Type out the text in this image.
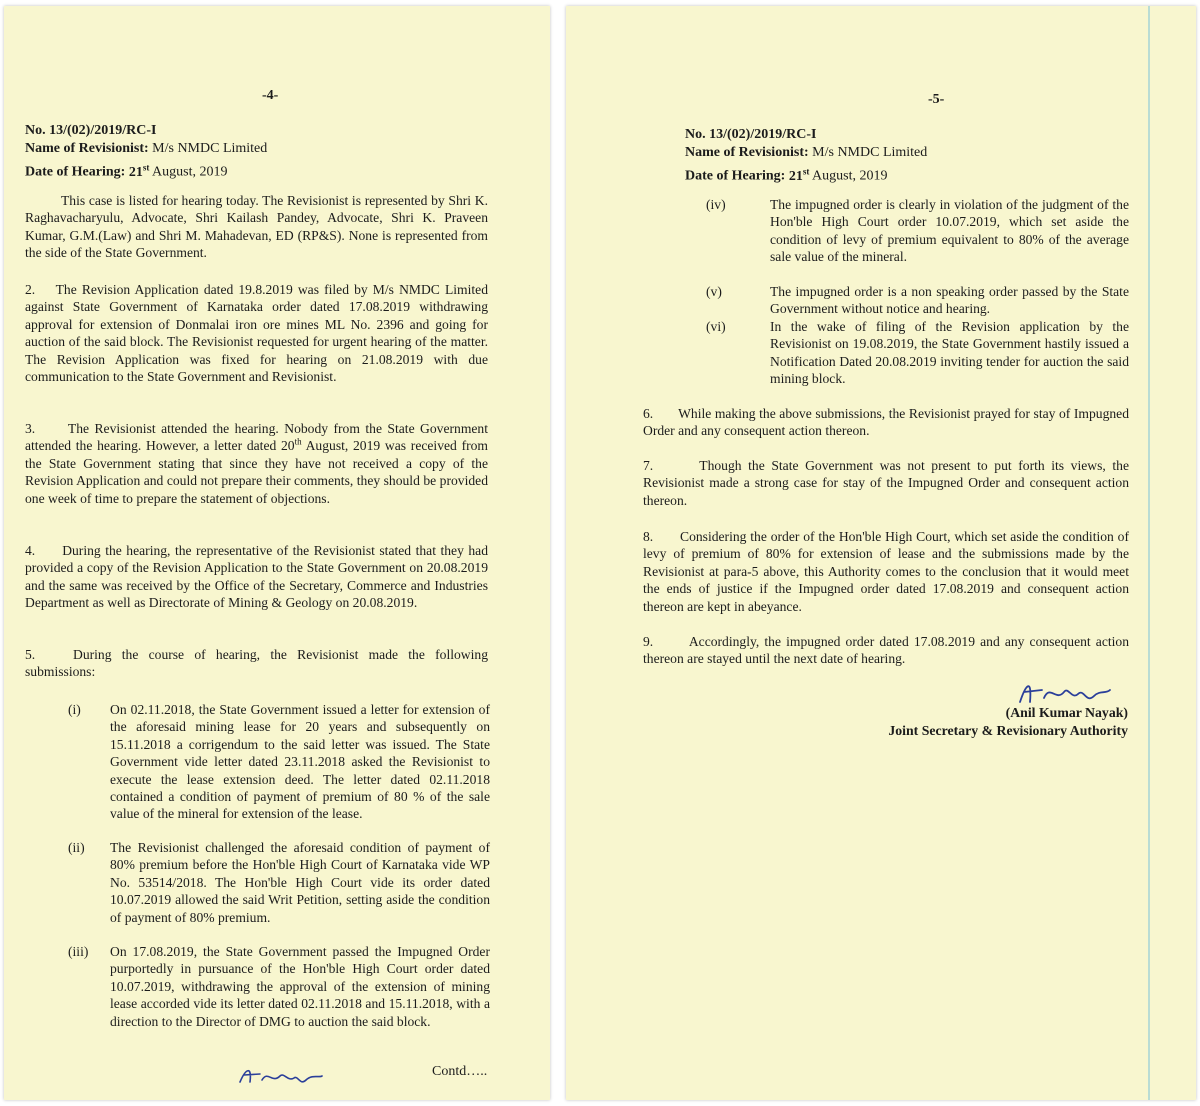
-4-
No. 13/(02)/2019/RC-I
Name of Revisionist: M/s NMDC Limited
Date of Hearing: 21st August, 2019
This case is listed for hearing today. The Revisionist is represented by Shri K. Raghavacharyulu, Advocate, Shri Kailash Pandey, Advocate, Shri K. Praveen Kumar, G.M.(Law) and Shri M. Mahadevan, ED (RP&S). None is represented from the side of the State Government.
2. The Revision Application dated 19.8.2019 was filed by M/s NMDC Limited against State Government of Karnataka order dated 17.08.2019 withdrawing approval for extension of Donmalai iron ore mines ML No. 2396 and going for auction of the said block. The Revisionist requested for urgent hearing of the matter. The Revision Application was fixed for hearing on 21.08.2019 with due communication to the State Government and Revisionist.
3. The Revisionist attended the hearing. Nobody from the State Government attended the hearing. However, a letter dated 20th August, 2019 was received from the State Government stating that since they have not received a copy of the Revision Application and could not prepare their comments, they should be provided one week of time to prepare the statement of objections.
4. During the hearing, the representative of the Revisionist stated that they had provided a copy of the Revision Application to the State Government on 20.08.2019 and the same was received by the Office of the Secretary, Commerce and Industries Department as well as Directorate of Mining & Geology on 20.08.2019.
5.	During the course of hearing, the Revisionist made the following submissions:
(i) On 02.11.2018, the State Government issued a letter for extension of the aforesaid mining lease for 20 years and subsequently on 15.11.2018 a corrigendum to the said letter was issued. The State Government vide letter dated 23.11.2018 asked the Revisionist to execute the lease extension deed. The letter dated 02.11.2018 contained a condition of payment of premium of 80 % of the sale value of the mineral for extension of the lease.
(ii) The Revisionist challenged the aforesaid condition of payment of 80% premium before the Hon'ble High Court of Karnataka vide WP No. 53514/2018. The Hon'ble High Court vide its order dated 10.07.2019 allowed the said Writ Petition, setting aside the condition of payment of 80% premium.
(iii) On 17.08.2019, the State Government passed the Impugned Order purportedly in pursuance of the Hon'ble High Court order dated 10.07.2019, withdrawing the approval of the extension of mining lease accorded vide its letter dated 02.11.2018 and 15.11.2018, with a direction to the Director of DMG to auction the said block.
Contd…..
-5-
No. 13/(02)/2019/RC-I
Name of Revisionist: M/s NMDC Limited
Date of Hearing: 21st August, 2019
(iv)	The impugned order is clearly in violation of the judgment of the Hon'ble High Court order 10.07.2019, which set aside the condition of levy of premium equivalent to 80% of the average sale value of the mineral.
(v)	The impugned order is a non speaking order passed by the State Government without notice and hearing.
(vi)	In the wake of filing of the Revision application by the Revisionist on 19.08.2019, the State Government hastily issued a Notification Dated 20.08.2019 inviting tender for auction the said mining block.
6. While making the above submissions, the Revisionist prayed for stay of Impugned Order and any consequent action thereon.
7.	Though the State Government was not present to put forth its views, the Revisionist made a strong case for stay of the Impugned Order and consequent action thereon.
8. Considering the order of the Hon'ble High Court, which set aside the condition of levy of premium of 80% for extension of lease and the submissions made by the Revisionist at para-5 above, this Authority comes to the conclusion that it would meet the ends of justice if the Impugned order dated 17.08.2019 and consequent action thereon are kept in abeyance.
9.	Accordingly, the impugned order dated 17.08.2019 and any consequent action thereon are stayed until the next date of hearing.
(Anil Kumar Nayak)
Joint Secretary & Revisionary Authority
